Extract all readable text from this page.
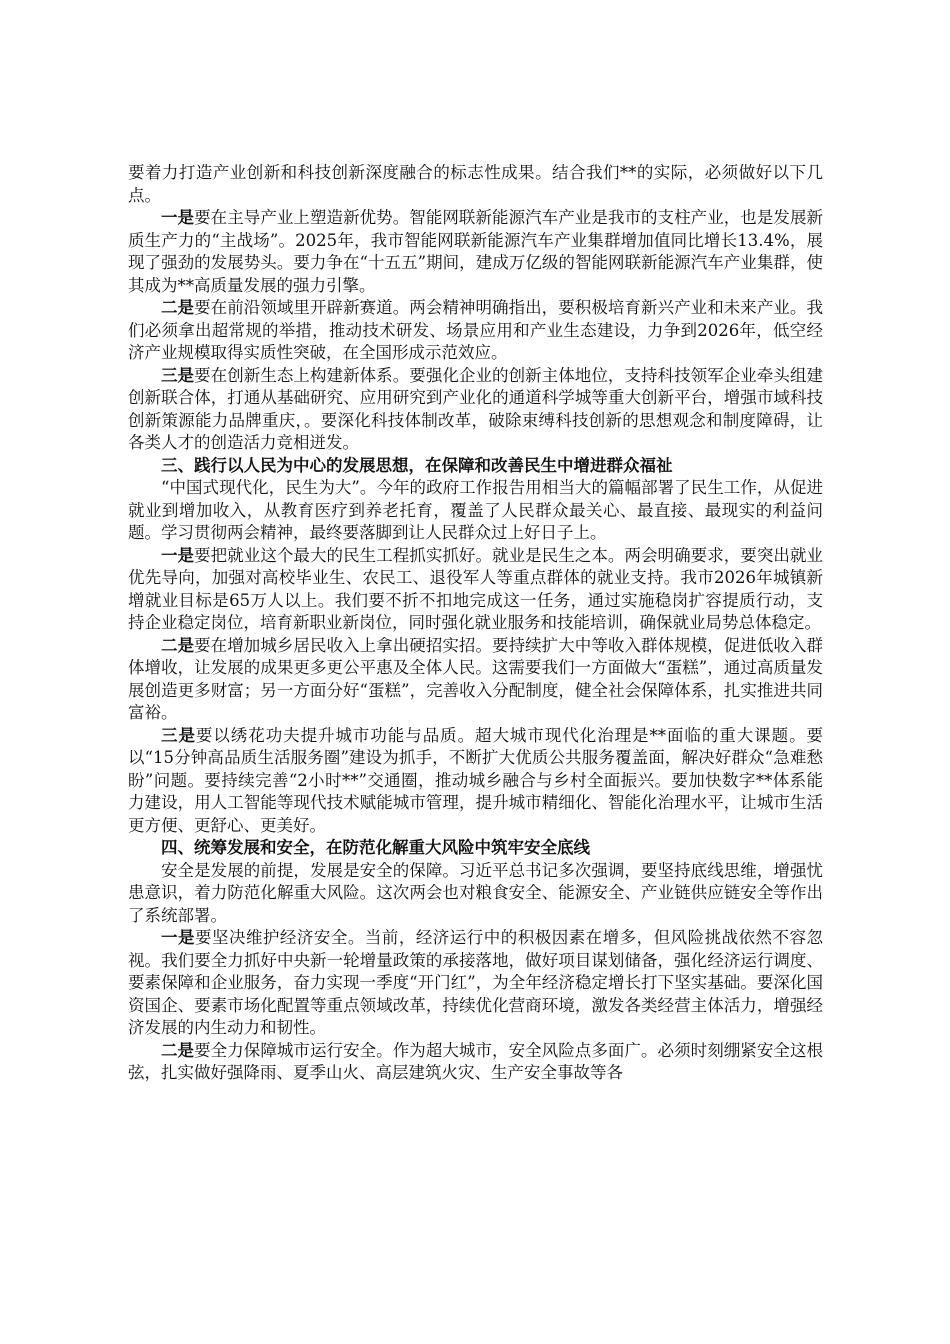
要着力打造产业创新和科技创新深度融合的标志性成果。结合我们**的实际，必须做好以下几点。

一是要在主导产业上塑造新优势。智能网联新能源汽车产业是我市的支柱产业，也是发展新质生产力的“主战场”。2025年，我市智能网联新能源汽车产业集群增加值同比增长13.4%，展现了强劲的发展势头。要力争在“十五五”期间，建成万亿级的智能网联新能源汽车产业集群，使其成为**高质量发展的强力引擎。

二是要在前沿领域里开辟新赛道。两会精神明确指出，要积极培育新兴产业和未来产业。我们必须拿出超常规的举措，推动技术研发、场景应用和产业生态建设，力争到2026年，低空经济产业规模取得实质性突破，在全国形成示范效应。

三是要在创新生态上构建新体系。要强化企业的创新主体地位，支持科技领军企业牵头组建创新联合体，打通从基础研究、应用研究到产业化的通道科学城等重大创新平台，增强市域科技创新策源能力品牌重庆，。要深化科技体制改革，破除束缚科技创新的思想观念和制度障碍，让各类人才的创造活力竞相迸发。

三、践行以人民为中心的发展思想，在保障和改善民生中增进群众福祉

“中国式现代化，民生为大”。今年的政府工作报告用相当大的篇幅部署了民生工作，从促进就业到增加收入，从教育医疗到养老托育，覆盖了人民群众最关心、最直接、最现实的利益问题。学习贯彻两会精神，最终要落脚到让人民群众过上好日子上。

一是要把就业这个最大的民生工程抓实抓好。就业是民生之本。两会明确要求，要突出就业优先导向，加强对高校毕业生、农民工、退役军人等重点群体的就业支持。我市2026年城镇新增就业目标是65万人以上。我们要不折不扣地完成这一任务，通过实施稳岗扩容提质行动，支持企业稳定岗位，培育新职业新岗位，同时强化就业服务和技能培训，确保就业局势总体稳定。

二是要在增加城乡居民收入上拿出硬招实招。要持续扩大中等收入群体规模，促进低收入群体增收，让发展的成果更多更公平惠及全体人民。这需要我们一方面做大“蛋糕”，通过高质量发展创造更多财富；另一方面分好“蛋糕”，完善收入分配制度，健全社会保障体系，扎实推进共同富裕。

三是要以绣花功夫提升城市功能与品质。超大城市现代化治理是**面临的重大课题。要以“15分钟高品质生活服务圈”建设为抓手，不断扩大优质公共服务覆盖面，解决好群众“急难愁盼”问题。要持续完善“2小时**”交通圈，推动城乡融合与乡村全面振兴。要加快数字**体系能力建设，用人工智能等现代技术赋能城市管理，提升城市精细化、智能化治理水平，让城市生活更方便、更舒心、更美好。

四、统筹发展和安全，在防范化解重大风险中筑牢安全底线

安全是发展的前提，发展是安全的保障。习近平总书记多次强调，要坚持底线思维，增强忧患意识，着力防范化解重大风险。这次两会也对粮食安全、能源安全、产业链供应链安全等作出了系统部署。

一是要坚决维护经济安全。当前，经济运行中的积极因素在增多，但风险挑战依然不容忽视。我们要全力抓好中央新一轮增量政策的承接落地，做好项目谋划储备，强化经济运行调度、要素保障和企业服务，奋力实现一季度“开门红”，为全年经济稳定增长打下坚实基础。要深化国资国企、要素市场化配置等重点领域改革，持续优化营商环境，激发各类经营主体活力，增强经济发展的内生动力和韧性。

二是要全力保障城市运行安全。作为超大城市，安全风险点多面广。必须时刻绷紧安全这根弦，扎实做好强降雨、夏季山火、高层建筑火灾、生产安全事故等各
